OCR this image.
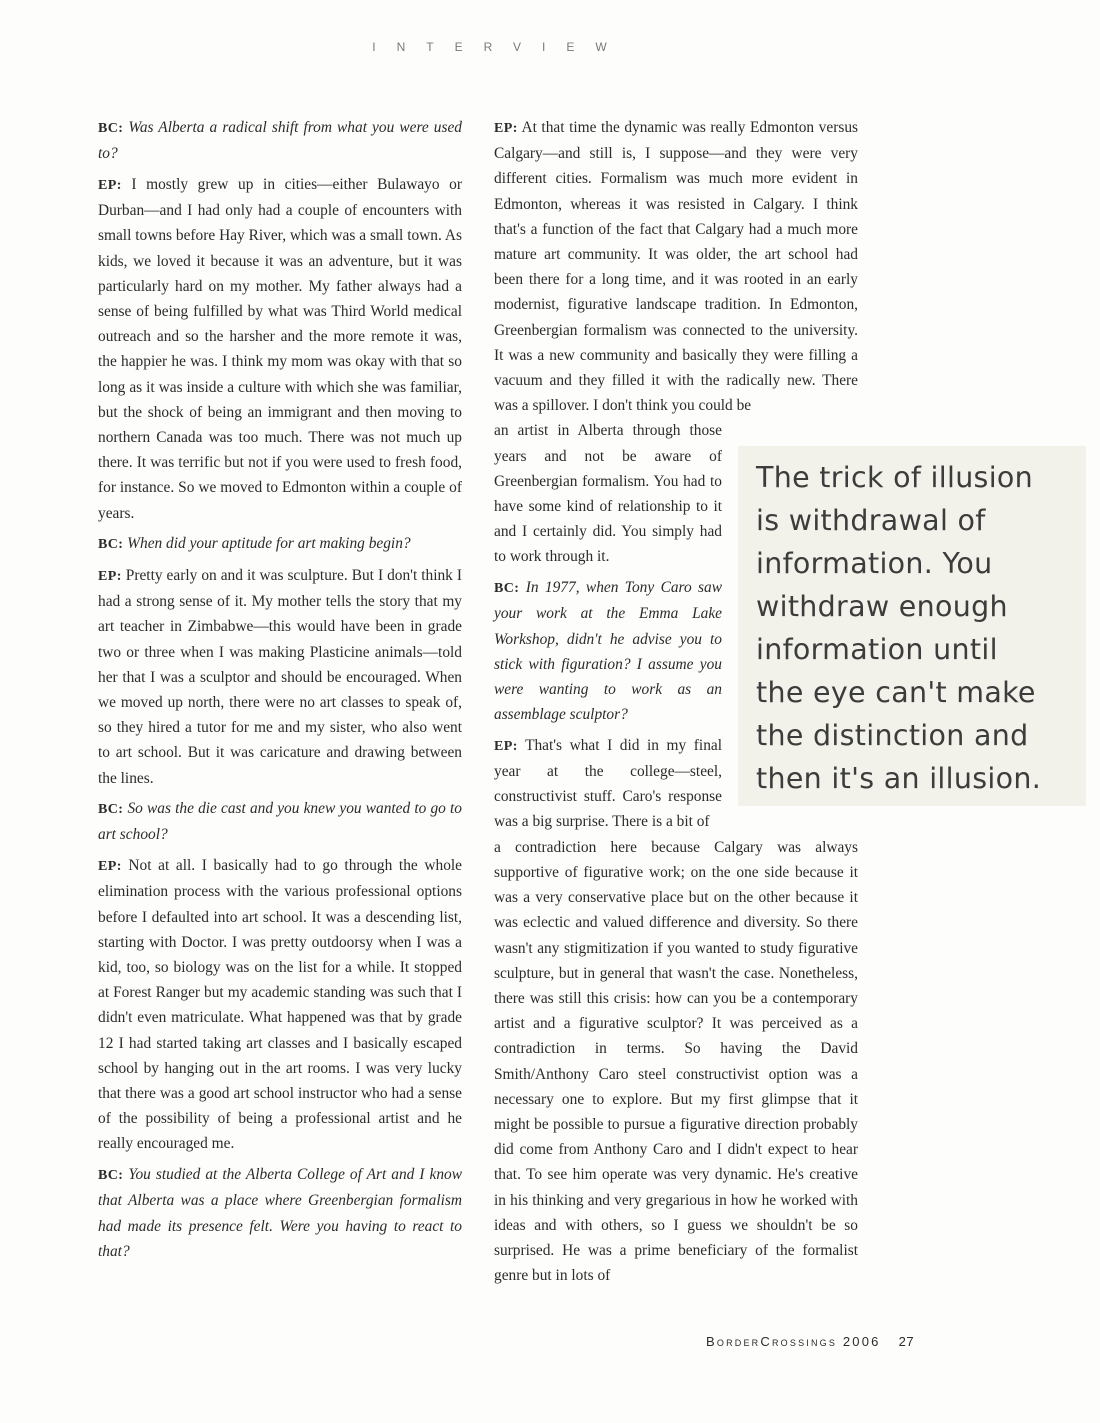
INTERVIEW

BC: Was Alberta a radical shift from what you were used to?

EP: I mostly grew up in cities—either Bulawayo or Durban—and I had only had a couple of encounters with small towns before Hay River, which was a small town. As kids, we loved it because it was an adventure, but it was particularly hard on my mother. My father always had a sense of being fulfilled by what was Third World medical outreach and so the harsher and the more remote it was, the happier he was. I think my mom was okay with that so long as it was inside a culture with which she was familiar, but the shock of being an immigrant and then moving to northern Canada was too much. There was not much up there. It was terrific but not if you were used to fresh food, for instance. So we moved to Edmonton within a couple of years.

BC: When did your aptitude for art making begin?

EP: Pretty early on and it was sculpture. But I don't think I had a strong sense of it. My mother tells the story that my art teacher in Zimbabwe—this would have been in grade two or three when I was making Plasticine animals—told her that I was a sculptor and should be encouraged. When we moved up north, there were no art classes to speak of, so they hired a tutor for me and my sister, who also went to art school. But it was caricature and drawing between the lines.

BC: So was the die cast and you knew you wanted to go to art school?

EP: Not at all. I basically had to go through the whole elimination process with the various professional options before I defaulted into art school. It was a descending list, starting with Doctor. I was pretty outdoorsy when I was a kid, too, so biology was on the list for a while. It stopped at Forest Ranger but my academic standing was such that I didn't even matriculate. What happened was that by grade 12 I had started taking art classes and I basically escaped school by hanging out in the art rooms. I was very lucky that there was a good art school instructor who had a sense of the possibility of being a professional artist and he really encouraged me.

BC: You studied at the Alberta College of Art and I know that Alberta was a place where Greenbergian formalism had made its presence felt. Were you having to react to that?

EP: At that time the dynamic was really Edmonton versus Calgary—and still is, I suppose—and they were very different cities. Formalism was much more evident in Edmonton, whereas it was resisted in Calgary. I think that's a function of the fact that Calgary had a much more mature art community. It was older, the art school had been there for a long time, and it was rooted in an early modernist, figurative landscape tradition. In Edmonton, Greenbergian formalism was connected to the university. It was a new community and basically they were filling a vacuum and they filled it with the radically new. There was a spillover. I don't think you could be

an artist in Alberta through those years and not be aware of Greenbergian formalism. You had to have some kind of relationship to it and I certainly did. You simply had to work through it.

BC: In 1977, when Tony Caro saw your work at the Emma Lake Workshop, didn't he advise you to stick with figuration? I assume you were wanting to work as an assemblage sculptor?

EP: That's what I did in my final year at the college—steel, constructivist stuff. Caro's response was a big surprise. There is a bit of

a contradiction here because Calgary was always supportive of figurative work; on the one side because it was a very conservative place but on the other because it was eclectic and valued difference and diversity. So there wasn't any stigmitization if you wanted to study figurative sculpture, but in general that wasn't the case. Nonetheless, there was still this crisis: how can you be a contemporary artist and a figurative sculptor? It was perceived as a contradiction in terms. So having the David Smith/Anthony Caro steel constructivist option was a necessary one to explore. But my first glimpse that it might be possible to pursue a figurative direction probably did come from Anthony Caro and I didn't expect to hear that. To see him operate was very dynamic. He's creative in his thinking and very gregarious in how he worked with ideas and with others, so I guess we shouldn't be so surprised. He was a prime beneficiary of the formalist genre but in lots of

The trick of illusion
is withdrawal of
information. You
withdraw enough
information until
the eye can't make
the distinction and
then it's an illusion.
BorderCrossings 2006 27
